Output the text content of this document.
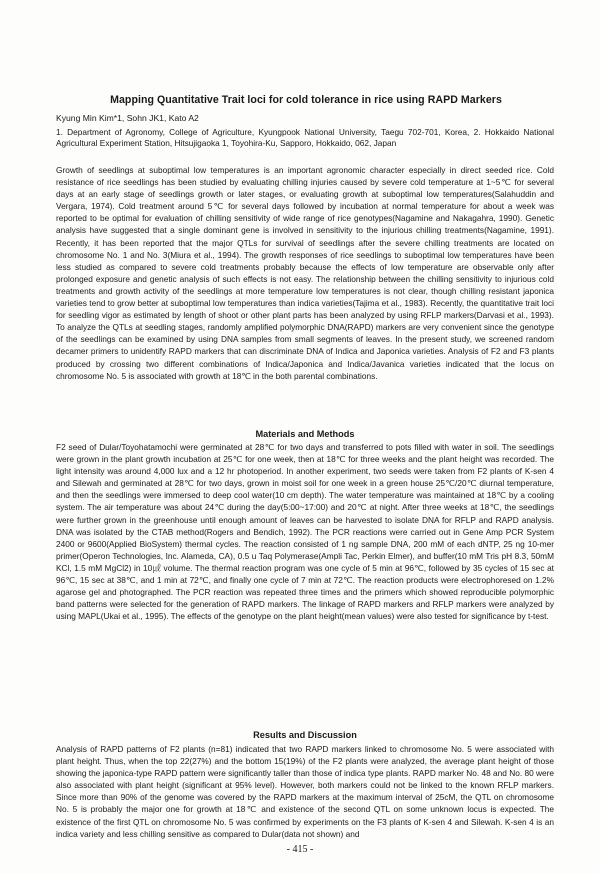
Mapping Quantitative Trait loci for cold tolerance in rice using RAPD Markers
Kyung Min Kim*1, Sohn JK1, Kato A2
1. Department of Agronomy, College of Agriculture, Kyungpook National University, Taegu 702-701, Korea, 2. Hokkaido National Agricultural Experiment Station, Hitsujigaoka 1, Toyohira-Ku, Sapporo, Hokkaido, 062, Japan

Growth of seedlings at suboptimal low temperatures is an important agronomic character especially in direct seeded rice. Cold resistance of rice seedlings has been studied by evaluating chilling injuries caused by severe cold temperature at 1~5℃ for several days at an early stage of seedlings growth or later stages, or evaluating growth at suboptimal low temperatures(Salahuddin and Vergara, 1974). Cold treatment around 5℃ for several days followed by incubation at normal temperature for about a week was reported to be optimal for evaluation of chilling sensitivity of wide range of rice genotypes(Nagamine and Nakagahra, 1990). Genetic analysis have suggested that a single dominant gene is involved in sensitivity to the injurious chilling treatments(Nagamine, 1991). Recently, it has been reported that the major QTLs for survival of seedlings after the severe chilling treatments are located on chromosome No. 1 and No. 3(Miura et al., 1994). The growth responses of rice seedlings to suboptimal low temperatures have been less studied as compared to severe cold treatments probably because the effects of low temperature are observable only after prolonged exposure and genetic analysis of such effects is not easy. The relationship between the chilling sensitivity to injurious cold treatments and growth activity of the seedlings at more temperature low temperatures is not clear, though chilling resistant japonica varieties tend to grow better at suboptimal low temperatures than indica varieties(Tajima et al., 1983). Recently, the quantitative trait loci for seedling vigor as estimated by length of shoot or other plant parts has been analyzed by using RFLP markers(Darvasi et al., 1993). To analyze the QTLs at seedling stages, randomly amplified polymorphic DNA(RAPD) markers are very convenient since the genotype of the seedlings can be examined by using DNA samples from small segments of leaves. In the present study, we screened random decamer primers to unidentify RAPD markers that can discriminate DNA of Indica and Japonica varieties. Analysis of F2 and F3 plants produced by crossing two different combinations of Indica/Japonica and Indica/Javanica varieties indicated that the locus on chromosome No. 5 is associated with growth at 18℃ in the both parental combinations.

Materials and Methods

F2 seed of Dular/Toyohatamochi were germinated at 28℃ for two days and transferred to pots filled with water in soil. The seedlings were grown in the plant growth incubation at 25℃ for one week, then at 18℃ for three weeks and the plant height was recorded. The light intensity was around 4,000 lux and a 12 hr photoperiod. In another experiment, two seeds were taken from F2 plants of K-sen 4 and Silewah and germinated at 28℃ for two days, grown in moist soil for one week in a green house 25℃/20℃ diurnal temperature, and then the seedlings were immersed to deep cool water(10 cm depth). The water temperature was maintained at 18℃ by a cooling system. The air temperature was about 24℃ during the day(5:00~17:00) and 20℃ at night. After three weeks at 18℃, the seedlings were further grown in the greenhouse until enough amount of leaves can be harvested to isolate DNA for RFLP and RAPD analysis. DNA was isolated by the CTAB method(Rogers and Bendich, 1992). The PCR reactions were carried out in Gene Amp PCR System 2400 or 9600(Applied BioSystem) thermal cycles. The reaction consisted of 1 ng sample DNA, 200 mM of each dNTP, 25 ng 10-mer primer(Operon Technologies, Inc. Alameda, CA), 0.5 u Taq Polymerase(Ampli Tac, Perkin Elmer), and buffer(10 mM Tris pH 8.3, 50mM KCl, 1.5 mM MgCl2) in 10㎕ volume. The thermal reaction program was one cycle of 5 min at 96℃, followed by 35 cycles of 15 sec at 96℃, 15 sec at 38℃, and 1 min at 72℃, and finally one cycle of 7 min at 72℃. The reaction products were electrophoresed on 1.2% agarose gel and photographed. The PCR reaction was repeated three times and the primers which showed reproducible polymorphic band patterns were selected for the generation of RAPD markers. The linkage of RAPD markers and RFLP markers were analyzed by using MAPL(Ukai et al., 1995). The effects of the genotype on the plant height(mean values) were also tested for significance by t-test.

Results and Discussion

Analysis of RAPD patterns of F2 plants (n=81) indicated that two RAPD markers linked to chromosome No. 5 were associated with plant height. Thus, when the top 22(27%) and the bottom 15(19%) of the F2 plants were analyzed, the average plant height of those showing the japonica-type RAPD pattern were significantly taller than those of indica type plants. RAPD marker No. 48 and No. 80 were also associated with plant height (significant at 95% level). However, both markers could not be linked to the known RFLP markers. Since more than 90% of the genome was covered by the RAPD markers at the maximum interval of 25cM, the QTL on chromosome No. 5 is probably the major one for growth at 18℃ and existence of the second QTL on some unknown locus is expected. The existence of the first QTL on chromosome No. 5 was confirmed by experiments on the F3 plants of K-sen 4 and Silewah. K-sen 4 is an indica variety and less chilling sensitive as compared to Dular(data not shown) and

- 415 -
